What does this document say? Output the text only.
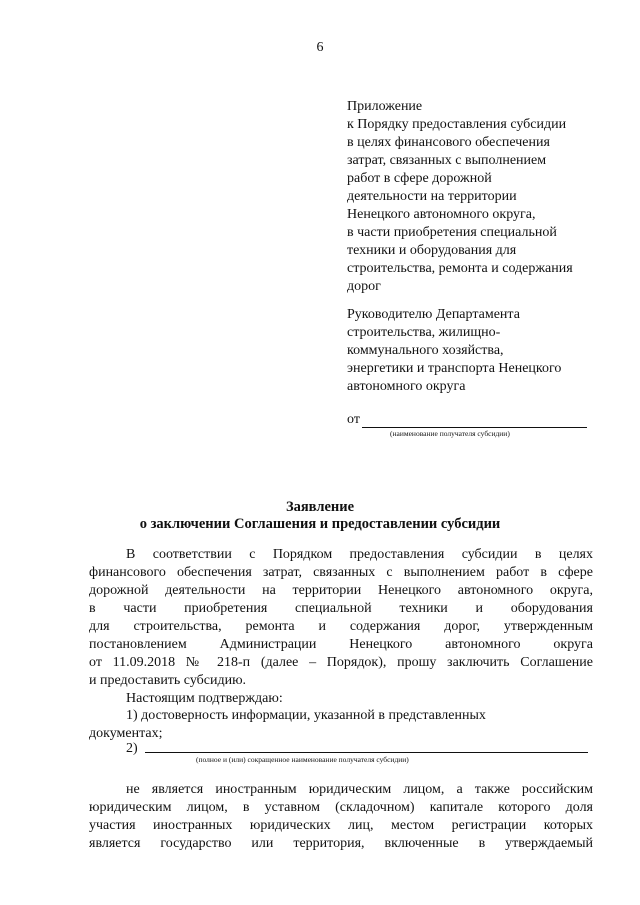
6
Приложение
к Порядку предоставления субсидии
в целях финансового обеспечения
затрат, связанных с выполнением
работ в сфере дорожной
деятельности на территории
Ненецкого автономного округа,
в части приобретения специальной
техники и оборудования для
строительства, ремонта и содержания
дорог
Руководителю Департамента
строительства, жилищно-
коммунального хозяйства,
энергетики и транспорта Ненецкого
автономного округа
от
(наименование получателя субсидии)
Заявление
о заключении Соглашения и предоставлении субсидии
В соответствии с Порядком предоставления субсидии в целях
финансового обеспечения затрат, связанных с выполнением работ в сфере
дорожной деятельности на территории Ненецкого автономного округа,
в части приобретения специальной техники и оборудования
для строительства, ремонта и содержания дорог, утвержденным
постановлением Администрации Ненецкого автономного округа
от 11.09.2018 № 218-п (далее – Порядок), прошу заключить Соглашение
и предоставить субсидию.
Настоящим подтверждаю:
1) достоверность информации, указанной в представленных
документах;
2)
(полное и (или) сокращенное наименование получателя субсидии)
не является иностранным юридическим лицом, а также российским
юридическим лицом, в уставном (складочном) капитале которого доля
участия иностранных юридических лиц, местом регистрации которых
является государство или территория, включенные в утверждаемый
